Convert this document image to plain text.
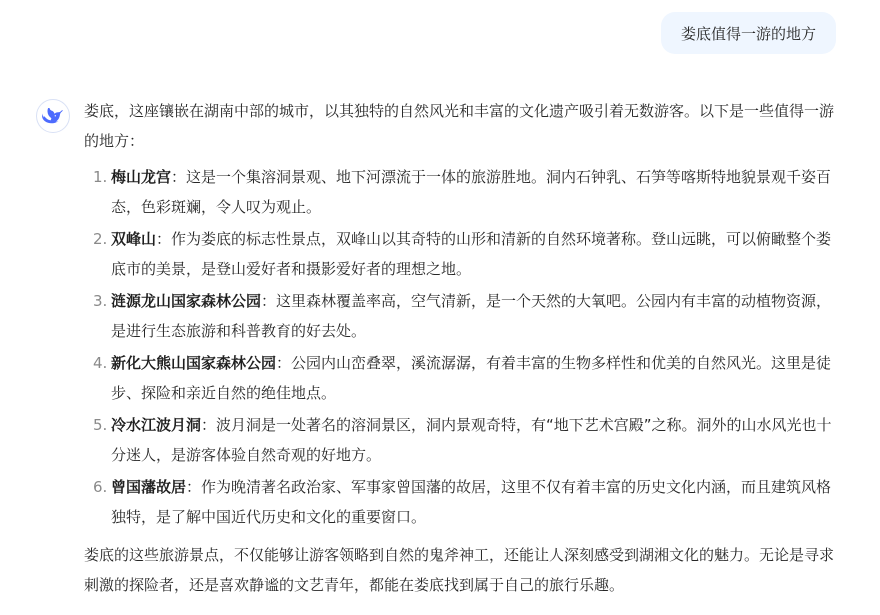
娄底值得一游的地方

娄底，这座镶嵌在湖南中部的城市，以其独特的自然风光和丰富的文化遗产吸引着无数游客。以下是一些值得一游的地方：

1. 梅山龙宫：这是一个集溶洞景观、地下河漂流于一体的旅游胜地。洞内石钟乳、石笋等喀斯特地貌景观千姿百态，色彩斑斓，令人叹为观止。
2. 双峰山：作为娄底的标志性景点，双峰山以其奇特的山形和清新的自然环境著称。登山远眺，可以俯瞰整个娄底市的美景，是登山爱好者和摄影爱好者的理想之地。
3. 涟源龙山国家森林公园：这里森林覆盖率高，空气清新，是一个天然的大氧吧。公园内有丰富的动植物资源，是进行生态旅游和科普教育的好去处。
4. 新化大熊山国家森林公园：公园内山峦叠翠，溪流潺潺，有着丰富的生物多样性和优美的自然风光。这里是徒步、探险和亲近自然的绝佳地点。
5. 冷水江波月洞：波月洞是一处著名的溶洞景区，洞内景观奇特，有“地下艺术宫殿”之称。洞外的山水风光也十分迷人，是游客体验自然奇观的好地方。
6. 曾国藩故居：作为晚清著名政治家、军事家曾国藩的故居，这里不仅有着丰富的历史文化内涵，而且建筑风格独特，是了解中国近代历史和文化的重要窗口。

娄底的这些旅游景点，不仅能够让游客领略到自然的鬼斧神工，还能让人深刻感受到湖湘文化的魅力。无论是寻求刺激的探险者，还是喜欢静谧的文艺青年，都能在娄底找到属于自己的旅行乐趣。
